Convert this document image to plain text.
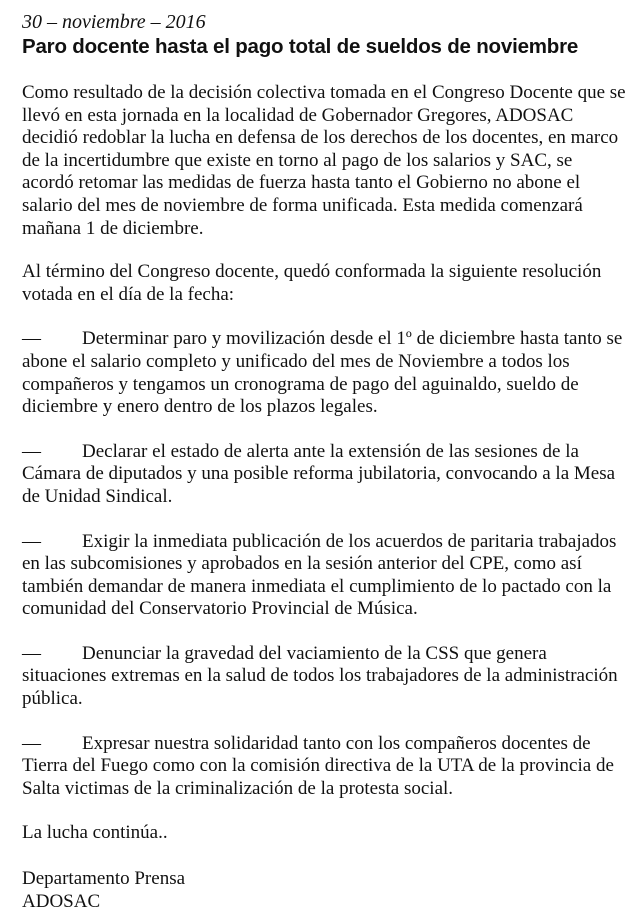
30 – noviembre – 2016

Paro docente hasta el pago total de sueldos de noviembre

Como resultado de la decisión colectiva tomada en el Congreso Docente que se llevó en esta jornada en la localidad de Gobernador Gregores, ADOSAC decidió redoblar la lucha en defensa de los derechos de los docentes, en marco de la incertidumbre que existe en torno al pago de los salarios y SAC, se acordó retomar las medidas de fuerza hasta tanto el Gobierno no abone el salario del mes de noviembre de forma unificada. Esta medida comenzará mañana 1 de diciembre.

Al término del Congreso docente, quedó conformada la siguiente resolución votada en el día de la fecha:

— Determinar paro y movilización desde el 1º de diciembre hasta tanto se abone el salario completo y unificado del mes de Noviembre a todos los compañeros y tengamos un cronograma de pago del aguinaldo, sueldo de diciembre y enero dentro de los plazos legales.

— Declarar el estado de alerta ante la extensión de las sesiones de la Cámara de diputados y una posible reforma jubilatoria, convocando a la Mesa de Unidad Sindical.

— Exigir la inmediata publicación de los acuerdos de paritaria trabajados en las subcomisiones y aprobados en la sesión anterior del CPE, como así también demandar de manera inmediata el cumplimiento de lo pactado con la comunidad del Conservatorio Provincial de Música.

— Denunciar la gravedad del vaciamiento de la CSS que genera situaciones extremas en la salud de todos los trabajadores de la administración pública.

— Expresar nuestra solidaridad tanto con los compañeros docentes de Tierra del Fuego como con la comisión directiva de la UTA de la provincia de Salta victimas de la criminalización de la protesta social.

La lucha continúa..

Departamento Prensa

ADOSAC
